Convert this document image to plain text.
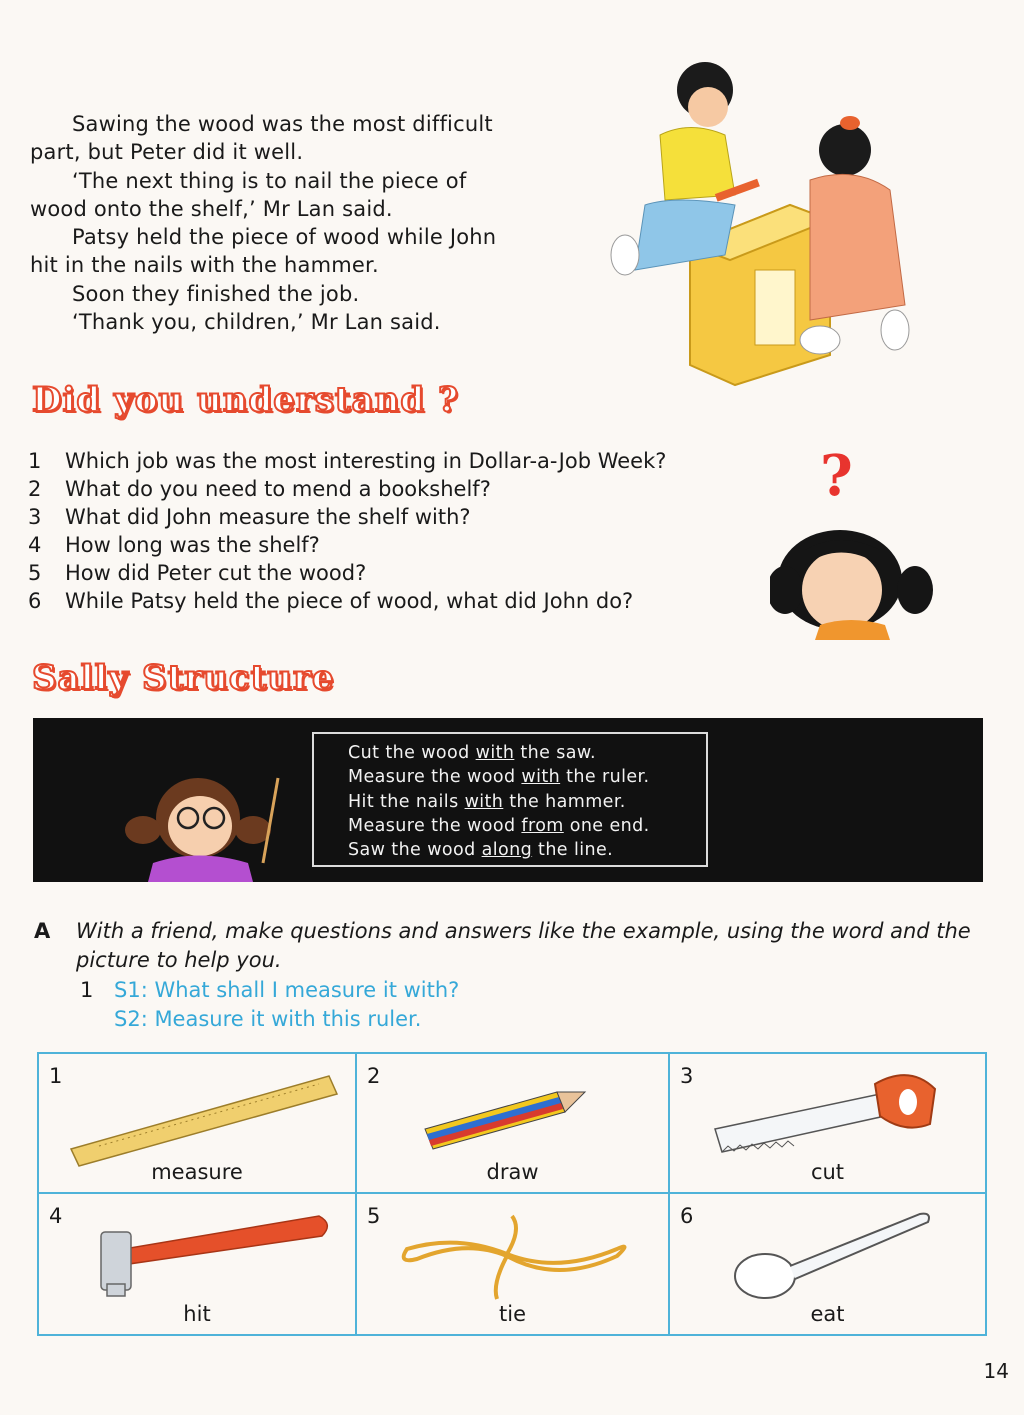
Sawing the wood was the most difficult

part, but Peter did it well.

‘The next thing is to nail the piece of

wood onto the shelf,’ Mr Lan said.

Patsy held the piece of wood while John

hit in the nails with the hammer.

Soon they finished the job.

‘Thank you, children,’ Mr Lan said.

Did you understand ?
?
1	Which job was the most interesting in Dollar-a-Job Week?
2	What do you need to mend a bookshelf?
3	What did John measure the shelf with?
4	How long was the shelf?
5	How did Peter cut the wood?
6	While Patsy held the piece of wood, what did John do?
Sally Structure
Cut the wood with the saw.
Measure the wood with the ruler.
Hit the nails with the hammer.
Measure the wood from one end.
Saw the wood along the line.
A With a friend, make questions and answers like the example, using the word and the picture to help you.
1 S1: What shall I measure it with?
S2: Measure it with this ruler.
1
measure
2
draw
3
cut
4
hit
5
tie
6
eat
14
